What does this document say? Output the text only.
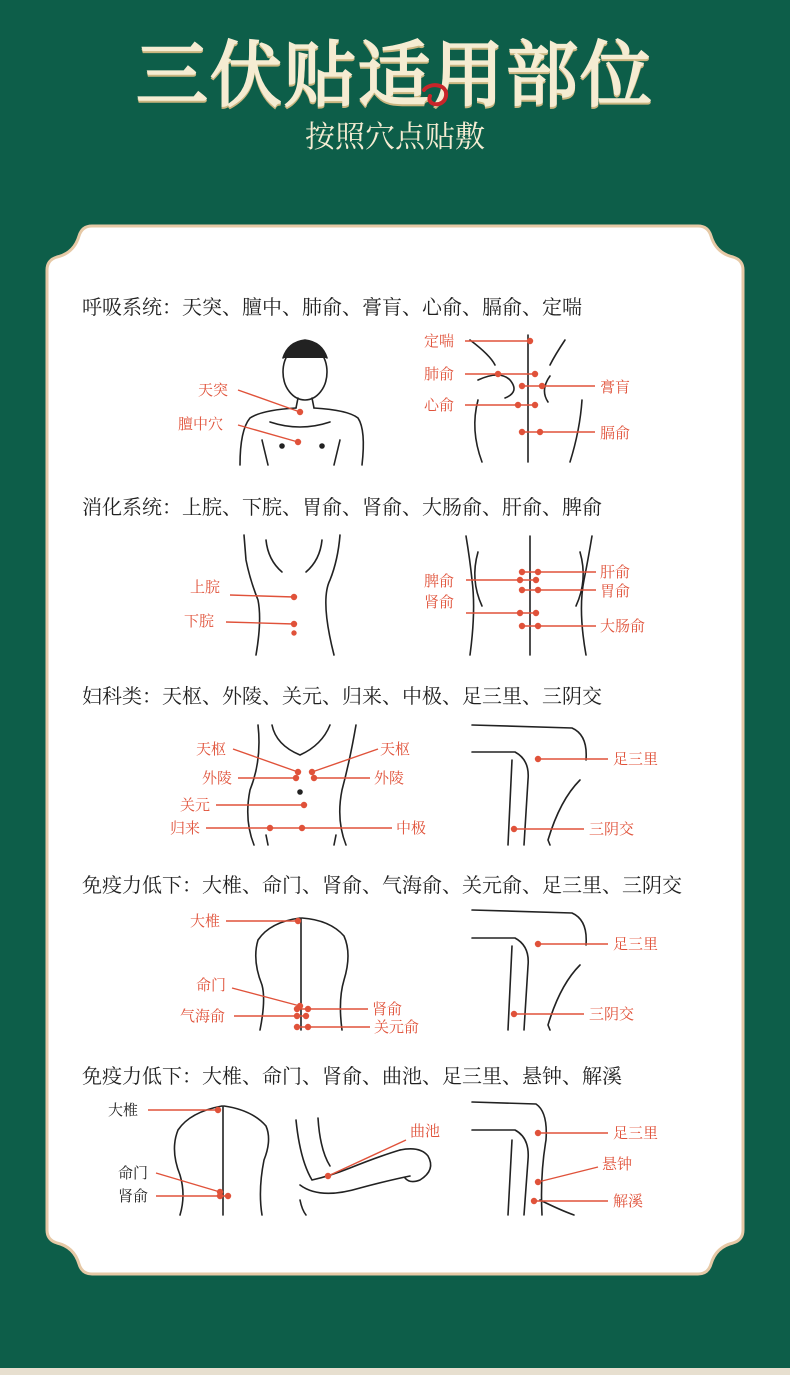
三伏贴适用部位
按照穴点贴敷
呼吸系统：天突、膻中、肺俞、膏肓、心俞、膈俞、定喘
消化系统：上脘、下脘、胃俞、肾俞、大肠俞、肝俞、脾俞
妇科类：天枢、外陵、关元、归来、中极、足三里、三阴交
免疫力低下：大椎、命门、肾俞、气海俞、关元俞、足三里、三阴交
免疫力低下：大椎、命门、肾俞、曲池、足三里、悬钟、解溪
天突
膻中穴
定喘
肺俞
心俞
膏肓
膈俞
上脘
下脘
脾俞
肾俞
肝俞
胃俞
大肠俞
天枢	天枢
外陵	外陵
关元
归来	中极
足三里
三阴交
大椎
命门
肾俞
气海俞
关元俞
足三里
三阴交
大椎
命门
肾俞
曲池	足三里
悬钟
解溪
